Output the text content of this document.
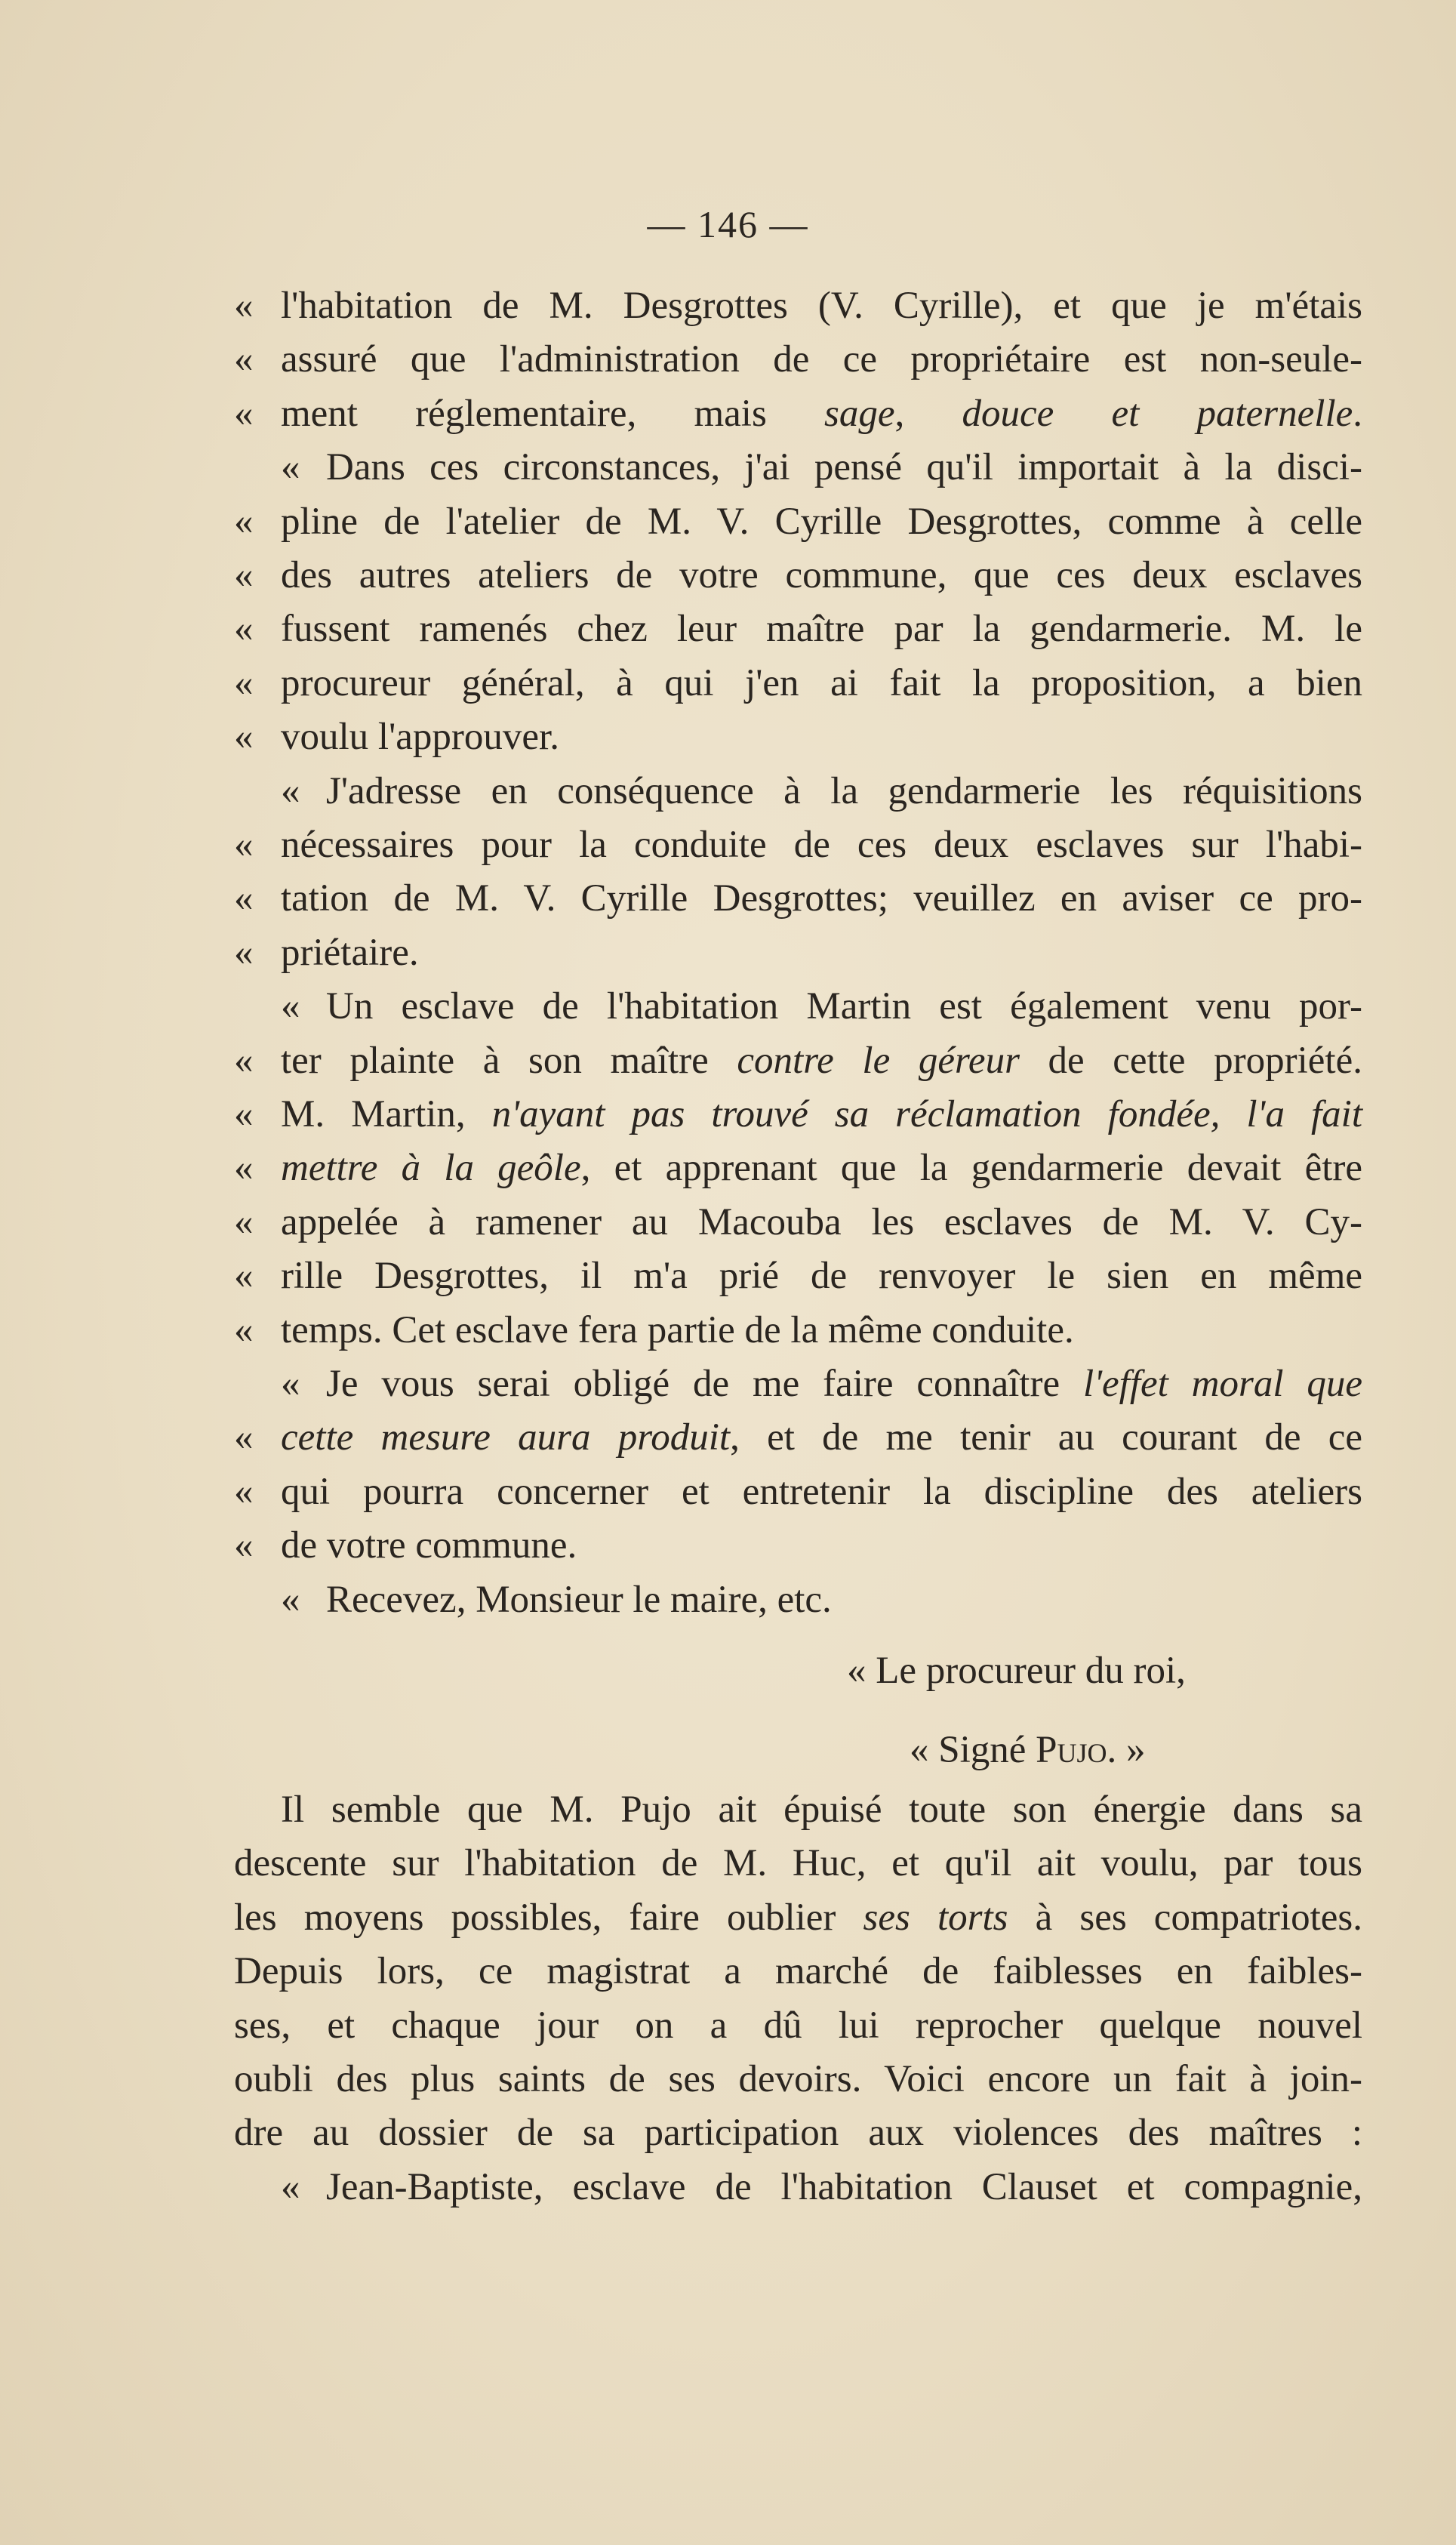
— 146 —
« l'habitation de M. Desgrottes (V. Cyrille), et que je m'étais
« assuré que l'administration de ce propriétaire est non-seule-
« ment réglementaire, mais sage, douce et paternelle.
« Dans ces circonstances, j'ai pensé qu'il importait à la disci-
« pline de l'atelier de M. V. Cyrille Desgrottes, comme à celle
« des autres ateliers de votre commune, que ces deux esclaves
« fussent ramenés chez leur maître par la gendarmerie. M. le
« procureur général, à qui j'en ai fait la proposition, a bien
« voulu l'approuver.
« J'adresse en conséquence à la gendarmerie les réquisitions
« nécessaires pour la conduite de ces deux esclaves sur l'habi-
« tation de M. V. Cyrille Desgrottes; veuillez en aviser ce pro-
« priétaire.
« Un esclave de l'habitation Martin est également venu por-
« ter plainte à son maître contre le géreur de cette propriété.
« M. Martin, n'ayant pas trouvé sa réclamation fondée, l'a fait
« mettre à la geôle, et apprenant que la gendarmerie devait être
« appelée à ramener au Macouba les esclaves de M. V. Cy-
« rille Desgrottes, il m'a prié de renvoyer le sien en même
« temps. Cet esclave fera partie de la même conduite.
« Je vous serai obligé de me faire connaître l'effet moral que
« cette mesure aura produit, et de me tenir au courant de ce
« qui pourra concerner et entretenir la discipline des ateliers
« de votre commune.
« Recevez, Monsieur le maire, etc.
« Le procureur du roi,
« Signé Pujo. »
Il semble que M. Pujo ait épuisé toute son énergie dans sa
descente sur l'habitation de M. Huc, et qu'il ait voulu, par tous
les moyens possibles, faire oublier ses torts à ses compatriotes.
Depuis lors, ce magistrat a marché de faiblesses en faibles-
ses, et chaque jour on a dû lui reprocher quelque nouvel
oubli des plus saints de ses devoirs. Voici encore un fait à join-
dre au dossier de sa participation aux violences des maîtres :
« Jean-Baptiste, esclave de l'habitation Clauset et compagnie,
